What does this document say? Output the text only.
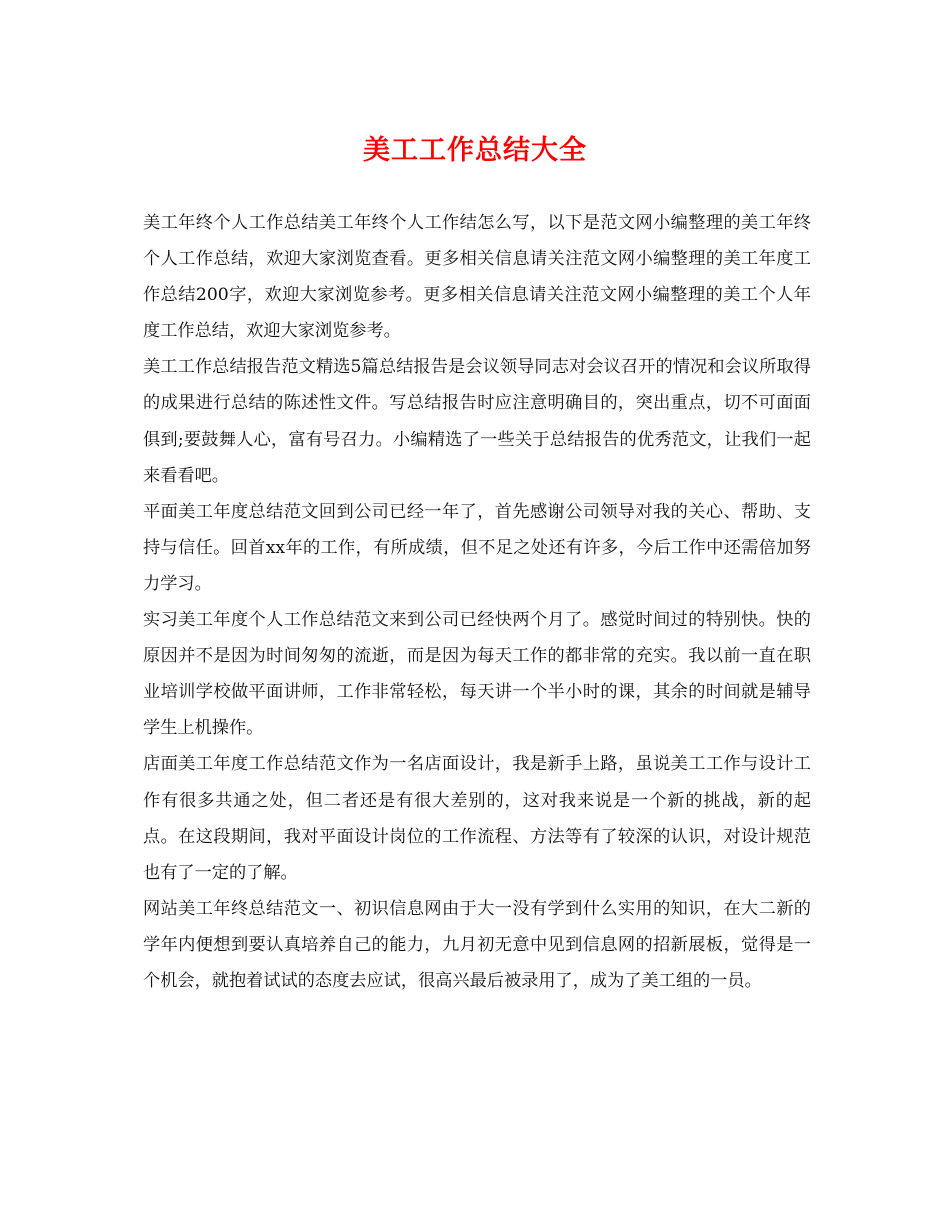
美工工作总结大全

美工年终个人工作总结美工年终个人工作结怎么写，以下是范文网小编整理的美工年终个人工作总结，欢迎大家浏览查看。更多相关信息请关注范文网小编整理的美工年度工作总结200字，欢迎大家浏览参考。更多相关信息请关注范文网小编整理的美工个人年度工作总结，欢迎大家浏览参考。

美工工作总结报告范文精选5篇总结报告是会议领导同志对会议召开的情况和会议所取得的成果进行总结的陈述性文件。写总结报告时应注意明确目的，突出重点，切不可面面俱到;要鼓舞人心，富有号召力。小编精选了一些关于总结报告的优秀范文，让我们一起来看看吧。

平面美工年度总结范文回到公司已经一年了，首先感谢公司领导对我的关心、帮助、支持与信任。回首xx年的工作，有所成绩，但不足之处还有许多，今后工作中还需倍加努力学习。

实习美工年度个人工作总结范文来到公司已经快两个月了。感觉时间过的特别快。快的原因并不是因为时间匆匆的流逝，而是因为每天工作的都非常的充实。我以前一直在职业培训学校做平面讲师，工作非常轻松，每天讲一个半小时的课，其余的时间就是辅导学生上机操作。

店面美工年度工作总结范文作为一名店面设计，我是新手上路，虽说美工工作与设计工作有很多共通之处，但二者还是有很大差别的，这对我来说是一个新的挑战，新的起点。在这段期间，我对平面设计岗位的工作流程、方法等有了较深的认识，对设计规范也有了一定的了解。

网站美工年终总结范文一、初识信息网由于大一没有学到什么实用的知识，在大二新的学年内便想到要认真培养自己的能力，九月初无意中见到信息网的招新展板，觉得是一个机会，就抱着试试的态度去应试，很高兴最后被录用了，成为了美工组的一员。
